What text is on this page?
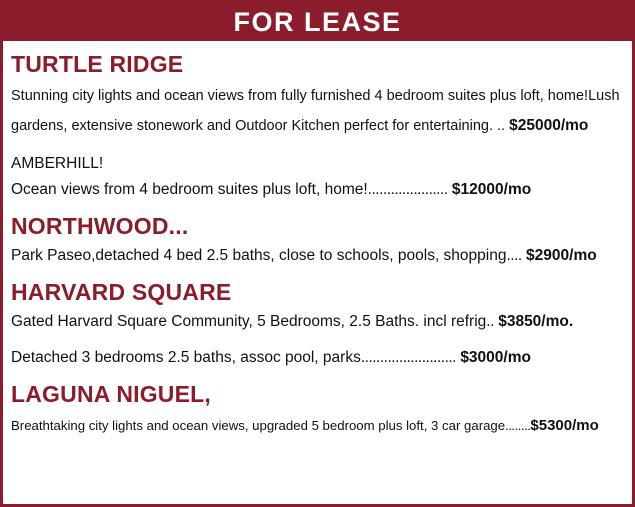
FOR LEASE
TURTLE RIDGE
Stunning city lights and ocean views from fully furnished 4 bedroom suites plus loft, home!Lush gardens, extensive stonework and Outdoor Kitchen perfect for entertaining. .. $25000/mo
AMBERHILL!
Ocean views from 4 bedroom suites plus loft, home!..................... $12000/mo
NORTHWOOD...
Park Paseo,detached 4 bed 2.5 baths, close to schools, pools, shopping.... $2900/mo
HARVARD SQUARE
Gated Harvard Square Community, 5 Bedrooms, 2.5 Baths. incl refrig.. $3850/mo.
Detached 3 bedrooms 2.5 baths, assoc pool, parks......................... $3000/mo
LAGUNA NIGUEL,
Breathtaking city lights and ocean views, upgraded 5 bedroom plus loft, 3 car garage........$5300/mo
